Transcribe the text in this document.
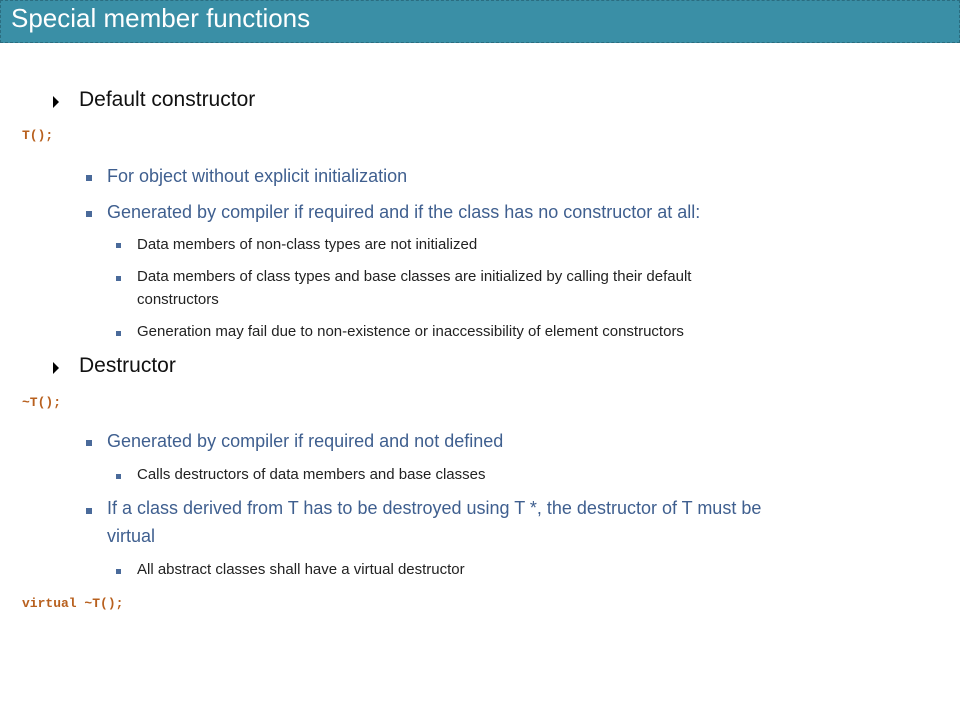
Special member functions
Default constructor
T();
For object without explicit initialization
Generated by compiler if required and if the class has no constructor at all:
Data members of non-class types are not initialized
Data members of class types and base classes are initialized by calling their default
constructors
Generation may fail due to non-existence or inaccessibility of element constructors
Destructor
~T();
Generated by compiler if required and not defined
Calls destructors of data members and base classes
If a class derived from T has to be destroyed using T *, the destructor of T must be
virtual
All abstract classes shall have a virtual destructor
virtual ~T();
